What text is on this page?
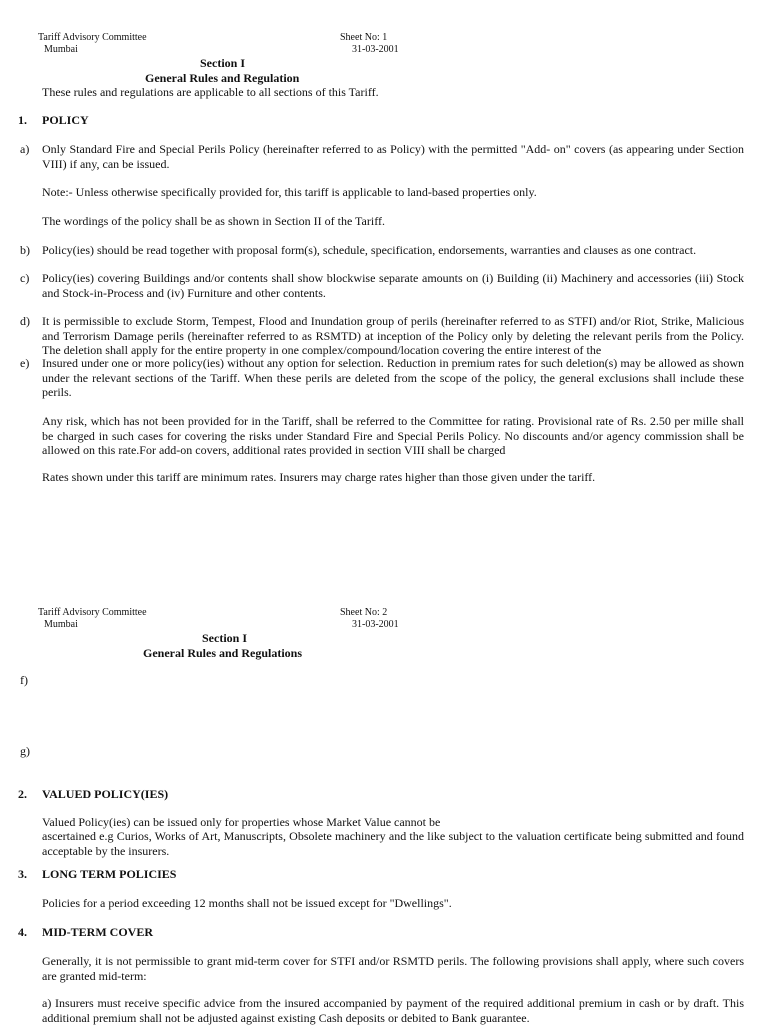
Tariff Advisory Committee
Mumbai
Sheet No: 1
31-03-2001
Section I
General Rules and Regulation
These rules and regulations are applicable to all sections of this Tariff.
1. POLICY
a) Only Standard Fire and Special Perils Policy (hereinafter referred to as Policy) with the permitted "Add- on" covers (as appearing under Section VIII) if any, can be issued.
Note:- Unless otherwise specifically provided for, this tariff is applicable to land-based properties only.
The wordings of the policy shall be as shown in Section II of the Tariff.
b) Policy(ies) should be read together with proposal form(s), schedule, specification, endorsements, warranties and clauses as one contract.
c) Policy(ies) covering Buildings and/or contents shall show blockwise separate amounts on (i) Building (ii) Machinery and accessories (iii) Stock and Stock-in-Process and (iv) Furniture and other contents.
d) It is permissible to exclude Storm, Tempest, Flood and Inundation group of perils (hereinafter referred to as STFI) and/or Riot, Strike, Malicious and Terrorism Damage perils (hereinafter referred to as RSMTD) at inception of the Policy only by deleting the relevant perils from the Policy. The deletion shall apply for the entire property in one complex/compound/location covering the entire interest of the
e) Insured under one or more policy(ies) without any option for selection. Reduction in premium rates for such deletion(s) may be allowed as shown under the relevant sections of the Tariff. When these perils are deleted from the scope of the policy, the general exclusions shall include these perils.
Any risk, which has not been provided for in the Tariff, shall be referred to the Committee for rating. Provisional rate of Rs. 2.50 per mille shall be charged in such cases for covering the risks under Standard Fire and Special Perils Policy. No discounts and/or agency commission shall be allowed on this rate.For add-on covers, additional rates provided in section VIII shall be charged
Rates shown under this tariff are minimum rates. Insurers may charge rates higher than those given under the tariff.
Tariff Advisory Committee
Mumbai
Sheet No: 2
31-03-2001
Section I
General Rules and Regulations
f)
g)
2. VALUED POLICY(IES)
Valued Policy(ies) can be issued only for properties whose Market Value cannot be
ascertained e.g Curios, Works of Art, Manuscripts, Obsolete machinery and the like subject to the valuation certificate being submitted and found acceptable by the insurers.
3. LONG TERM POLICIES
Policies for a period exceeding 12 months shall not be issued except for "Dwellings".
4. MID-TERM COVER
Generally, it is not permissible to grant mid-term cover for STFI and/or RSMTD perils. The following provisions shall apply, where such covers are granted mid-term:
a) Insurers must receive specific advice from the insured accompanied by payment of the required additional premium in cash or by draft. This additional premium shall not be adjusted against existing Cash deposits or debited to Bank guarantee.
